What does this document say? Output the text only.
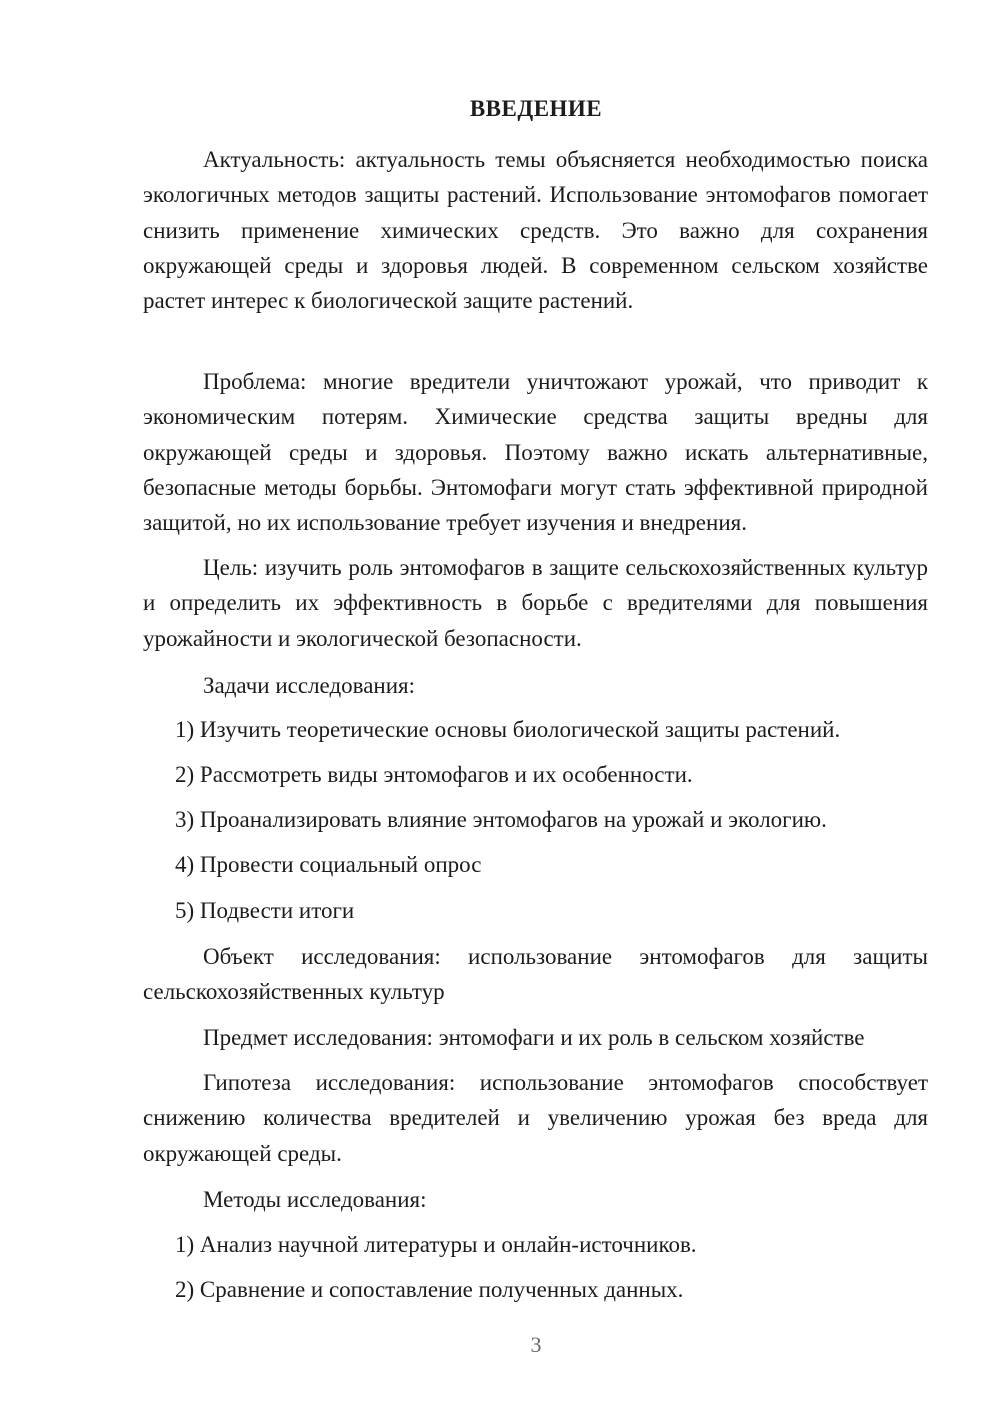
ВВЕДЕНИЕ

Актуальность: актуальность темы объясняется необходимостью поиска экологичных методов защиты растений. Использование энтомофагов помогает снизить применение химических средств. Это важно для сохранения окружающей среды и здоровья людей. В современном сельском хозяйстве растет интерес к биологической защите растений.

Проблема: многие вредители уничтожают урожай, что приводит к экономическим потерям. Химические средства защиты вредны для окружающей среды и здоровья. Поэтому важно искать альтернативные, безопасные методы борьбы. Энтомофаги могут стать эффективной природной защитой, но их использование требует изучения и внедрения.

Цель: изучить роль энтомофагов в защите сельскохозяйственных культур и определить их эффективность в борьбе с вредителями для повышения урожайности и экологической безопасности.

Задачи исследования:

1) Изучить теоретические основы биологической защиты растений.

2) Рассмотреть виды энтомофагов и их особенности.

3) Проанализировать влияние энтомофагов на урожай и экологию.

4) Провести социальный опрос

5) Подвести итоги

Объект исследования: использование энтомофагов для защиты сельскохозяйственных культур

Предмет исследования: энтомофаги и их роль в сельском хозяйстве

Гипотеза исследования: использование энтомофагов способствует снижению количества вредителей и увеличению урожая без вреда для окружающей среды.

Методы исследования:

1) Анализ научной литературы и онлайн-источников.

2) Сравнение и сопоставление полученных данных.

3
